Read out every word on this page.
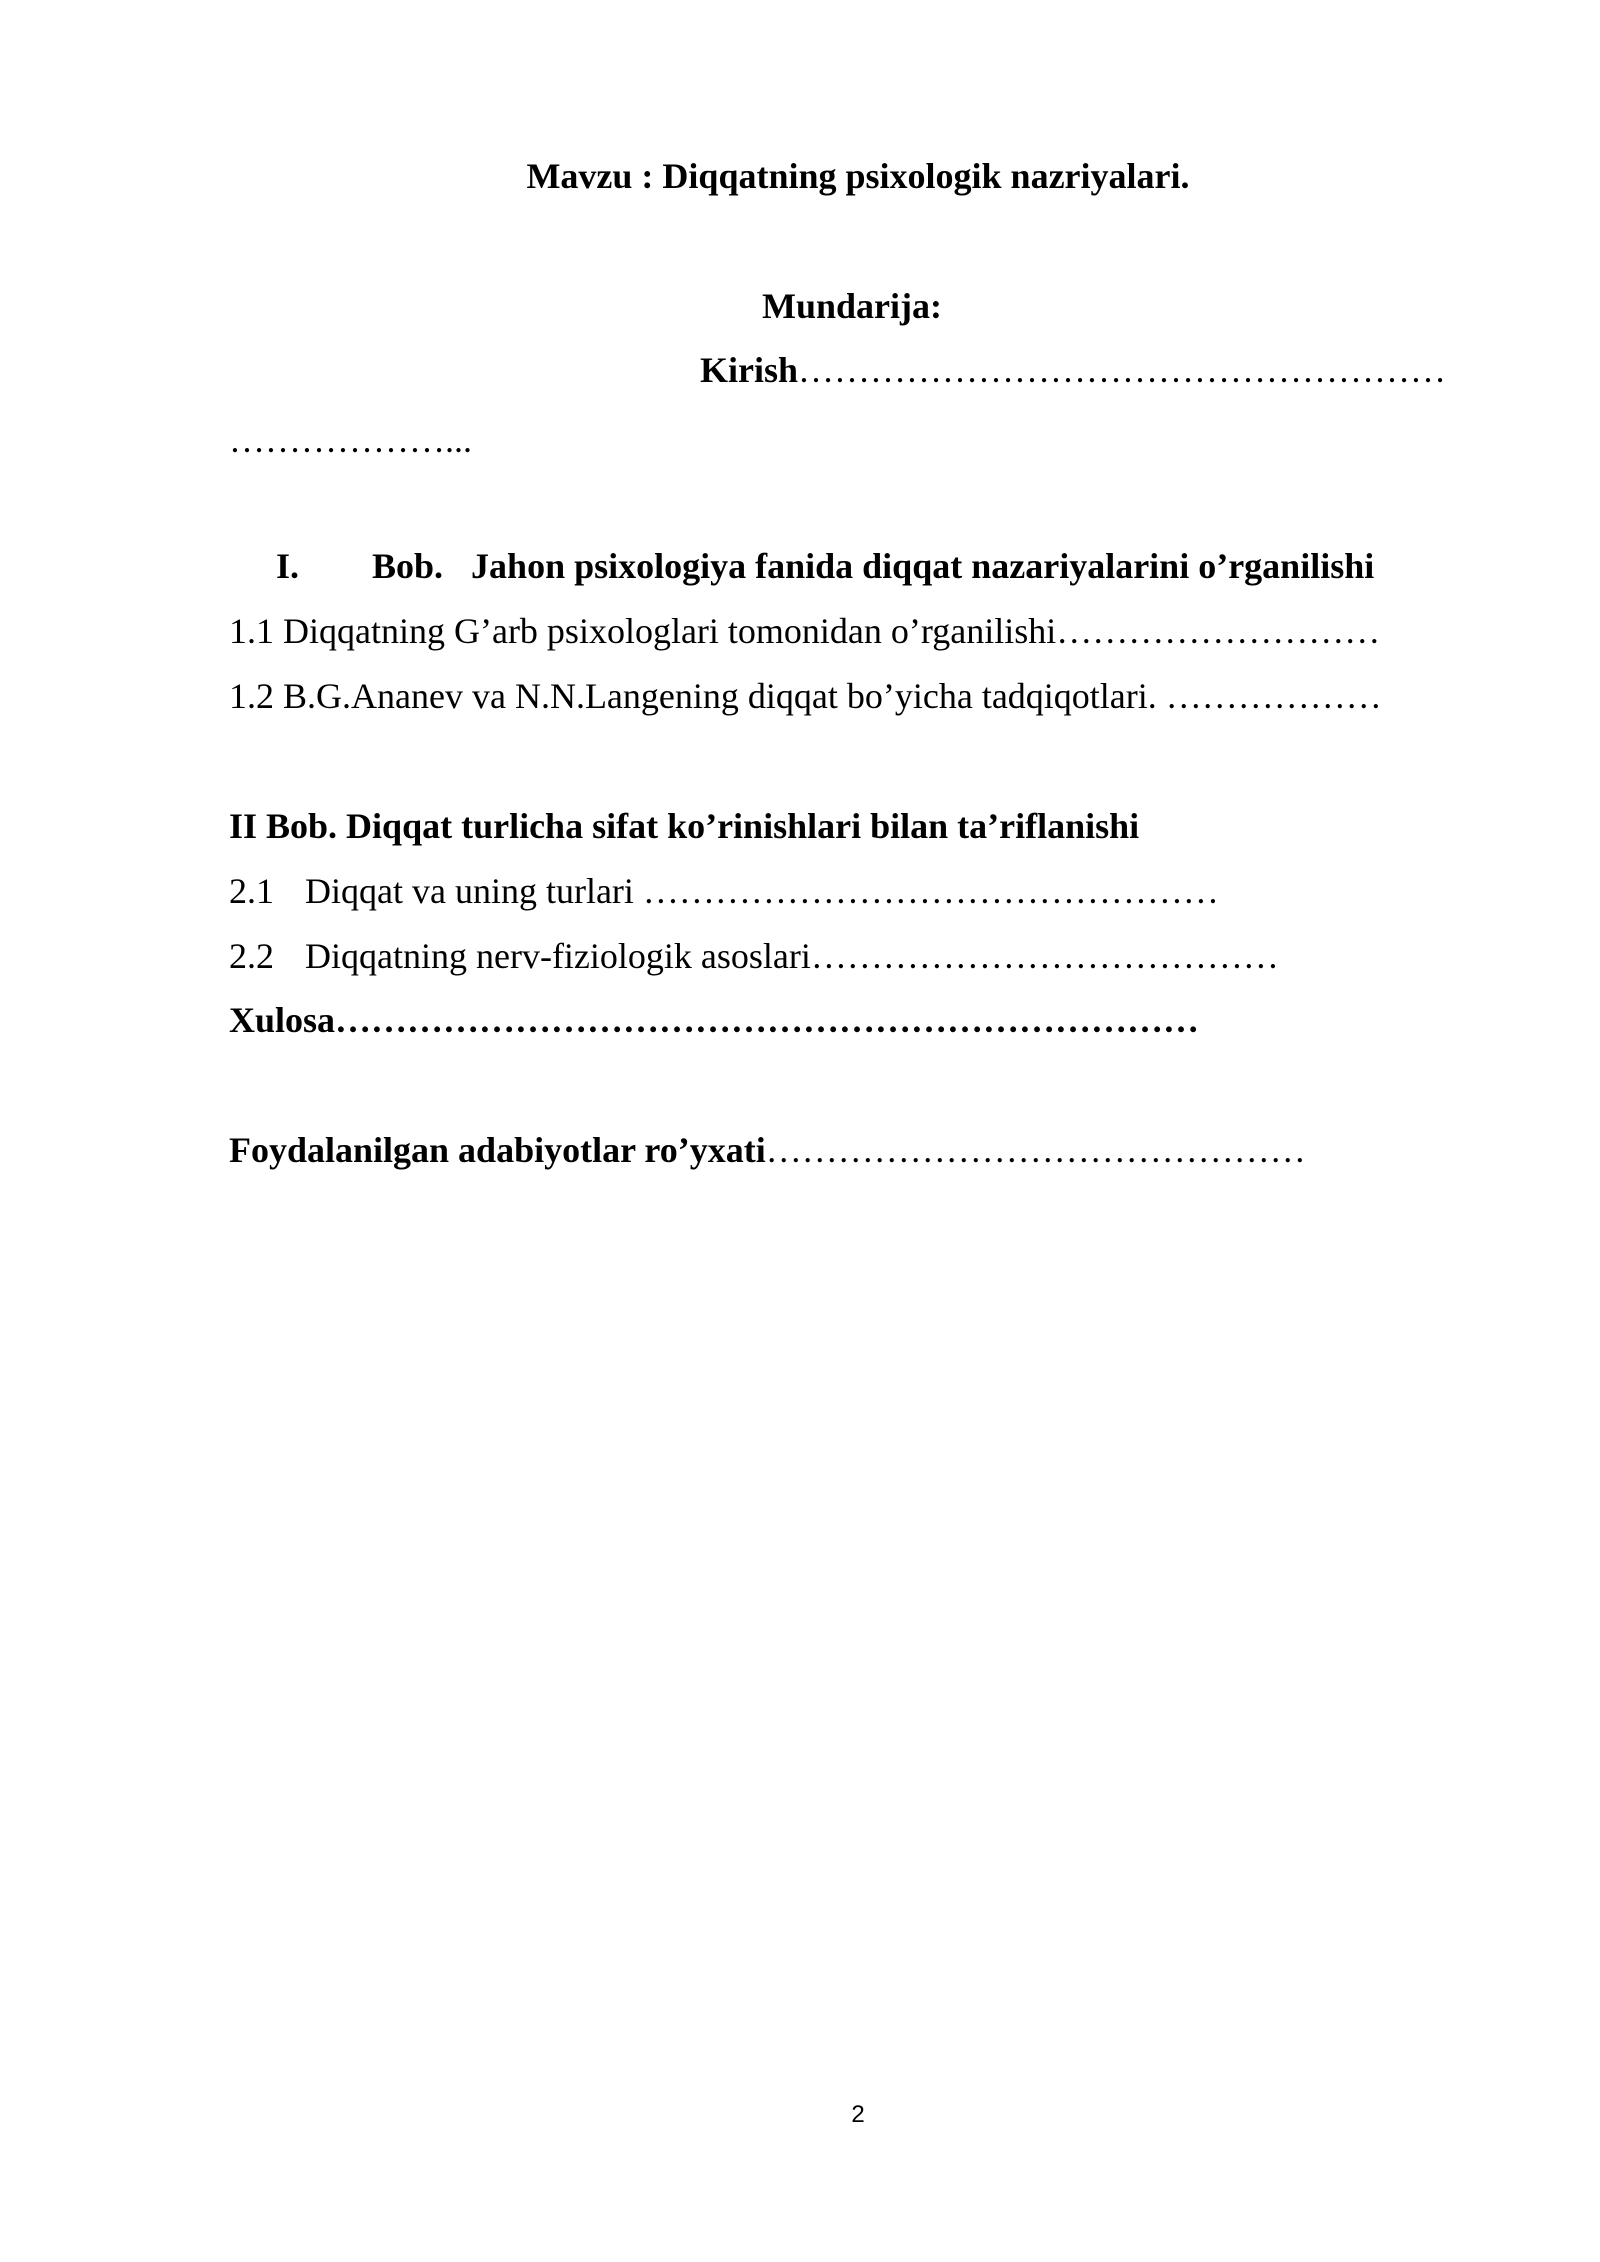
Mavzu : Diqqatning psixologik nazriyalari.
Mundarija:
Kirish………………………………………………
………………...
I. Bob. Jahon psixologiya fanida diqqat nazariyalarini o’rganilishi
1.1 Diqqatning G’arb psixologlari tomonidan o’rganilishi………………………
1.2 B.G.Ananev va N.N.Langening diqqat bo’yicha tadqiqotlari. ………………
II Bob. Diqqat turlicha sifat ko’rinishlari bilan ta’riflanishi
2.1 Diqqat va uning turlari …………………………………………
2.2 Diqqatning nerv-fiziologik asoslari…………………………………
Xulosa………………………………………………………………
Foydalanilgan adabiyotlar ro’yxati………………………………………
2
